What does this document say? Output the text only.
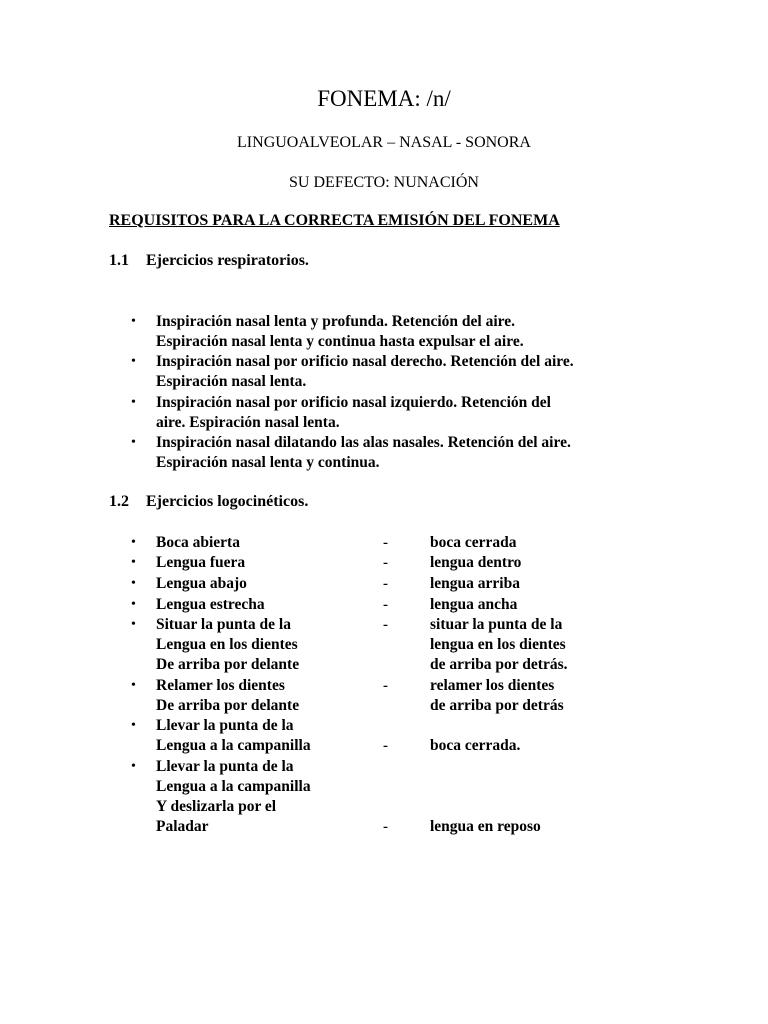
FONEMA: /n/
LINGUOALVEOLAR – NASAL - SONORA
SU DEFECTO: NUNACIÓN
REQUISITOS PARA LA CORRECTA EMISIÓN DEL FONEMA
1.1 Ejercicios respiratorios.
• Inspiración nasal lenta y profunda. Retención del aire.
Espiración nasal lenta y continua hasta expulsar el aire.
• Inspiración nasal por orificio nasal derecho. Retención del aire.
Espiración nasal lenta.
• Inspiración nasal por orificio nasal izquierdo. Retención del
aire. Espiración nasal lenta.
• Inspiración nasal dilatando las alas nasales. Retención del aire.
Espiración nasal lenta y continua.
1.2 Ejercicios logocinéticos.
• Boca abierta	-	boca cerrada
• Lengua fuera	-	lengua dentro
• Lengua abajo	-	lengua arriba
• Lengua estrecha	-	lengua ancha
• Situar la punta de la
Lengua en los dientes
De arriba por delante
-	situar la punta de la
lengua en los dientes
de arriba por detrás.
• Relamer los dientes
De arriba por delante
-	relamer los dientes
de arriba por detrás
• Llevar la punta de la
Lengua a la campanilla	-	boca cerrada.
• Llevar la punta de la
Lengua a la campanilla
Y deslizarla por el
Paladar	-	lengua en reposo
